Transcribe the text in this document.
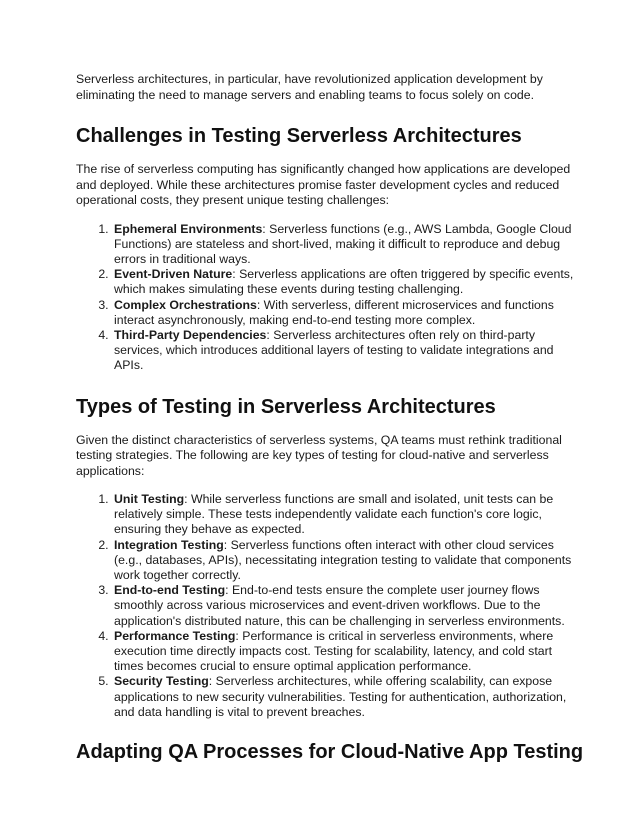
Serverless architectures, in particular, have revolutionized application development by eliminating the need to manage servers and enabling teams to focus solely on code.

Challenges in Testing Serverless Architectures

The rise of serverless computing has significantly changed how applications are developed and deployed. While these architectures promise faster development cycles and reduced operational costs, they present unique testing challenges:

1. Ephemeral Environments: Serverless functions (e.g., AWS Lambda, Google Cloud Functions) are stateless and short-lived, making it difficult to reproduce and debug errors in traditional ways.
2. Event-Driven Nature: Serverless applications are often triggered by specific events, which makes simulating these events during testing challenging.
3. Complex Orchestrations: With serverless, different microservices and functions interact asynchronously, making end-to-end testing more complex.
4. Third-Party Dependencies: Serverless architectures often rely on third-party services, which introduces additional layers of testing to validate integrations and APIs.
Types of Testing in Serverless Architectures

Given the distinct characteristics of serverless systems, QA teams must rethink traditional testing strategies. The following are key types of testing for cloud-native and serverless applications:

1. Unit Testing: While serverless functions are small and isolated, unit tests can be relatively simple. These tests independently validate each function's core logic, ensuring they behave as expected.
2. Integration Testing: Serverless functions often interact with other cloud services (e.g., databases, APIs), necessitating integration testing to validate that components work together correctly.
3. End-to-end Testing: End-to-end tests ensure the complete user journey flows smoothly across various microservices and event-driven workflows. Due to the application's distributed nature, this can be challenging in serverless environments.
4. Performance Testing: Performance is critical in serverless environments, where execution time directly impacts cost. Testing for scalability, latency, and cold start times becomes crucial to ensure optimal application performance.
5. Security Testing: Serverless architectures, while offering scalability, can expose applications to new security vulnerabilities. Testing for authentication, authorization, and data handling is vital to prevent breaches.
Adapting QA Processes for Cloud-Native App Testing
